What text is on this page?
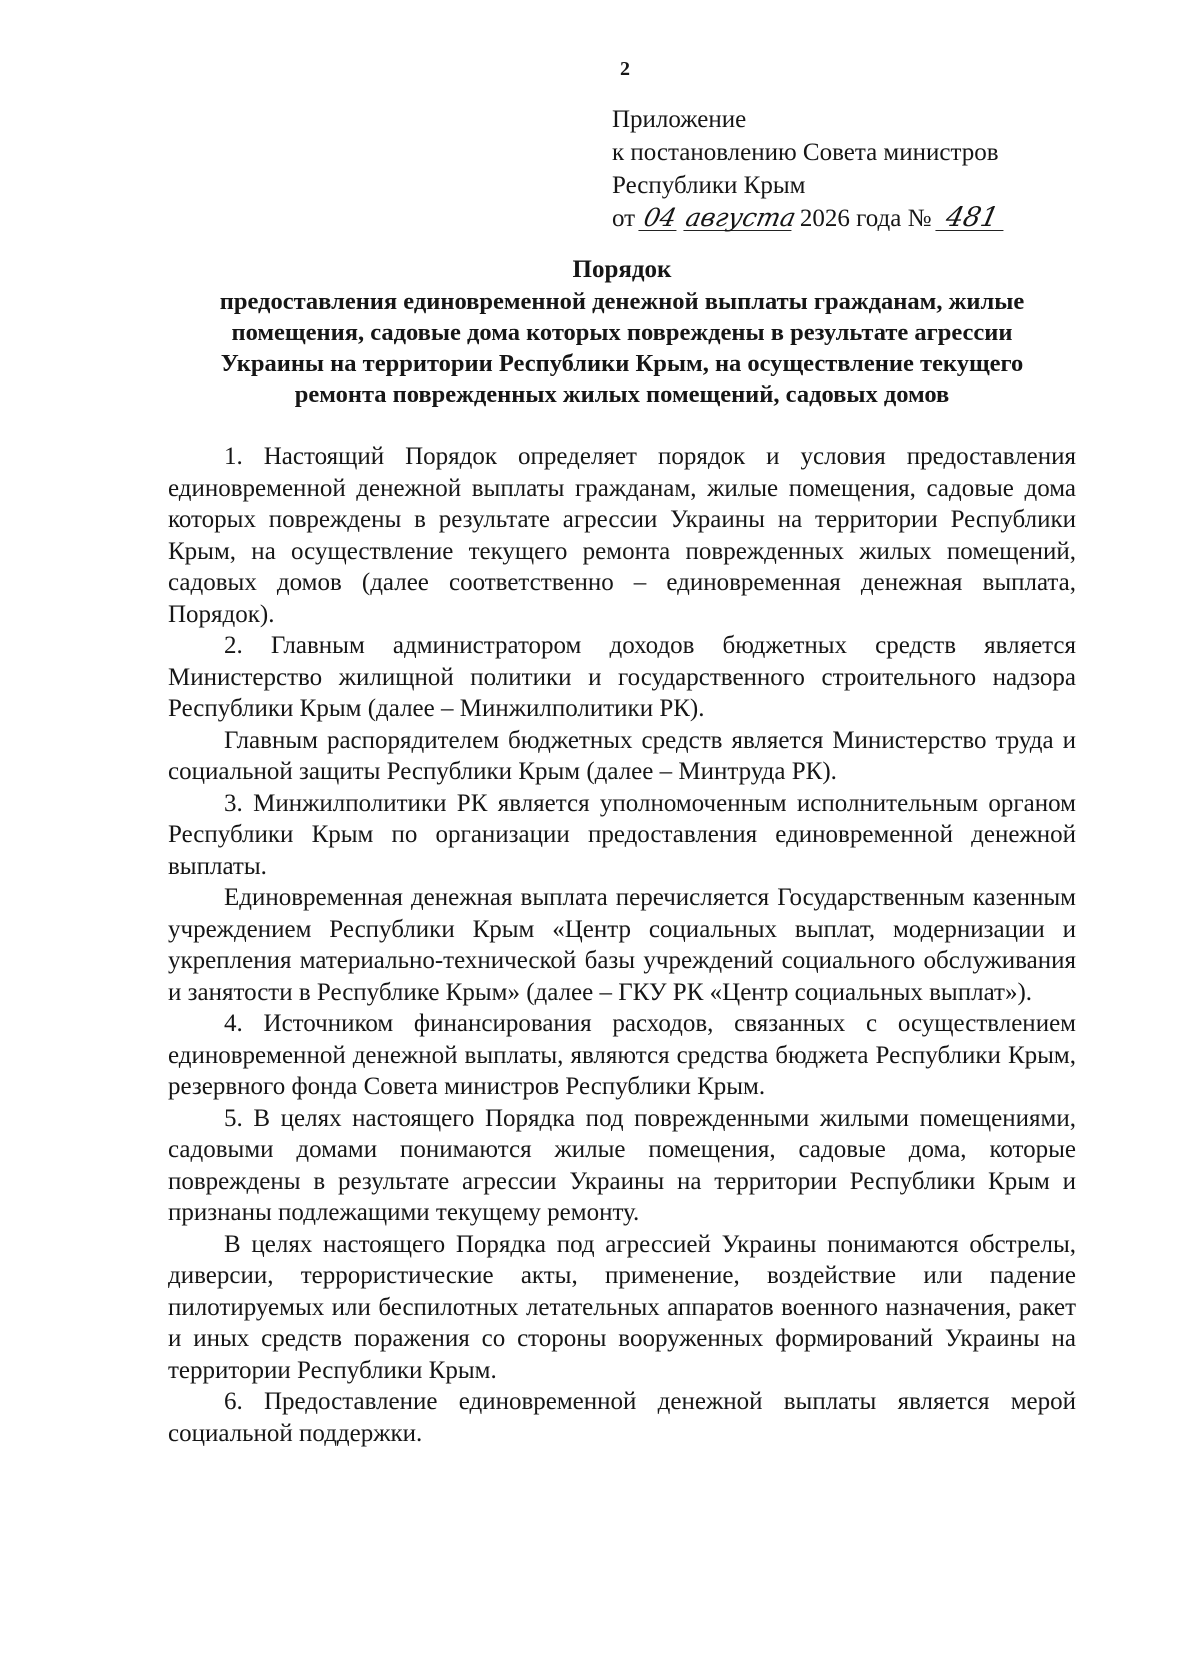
2
Приложение
к постановлению Совета министров
Республики Крым
от 04 августа 2026 года № 481
Порядок
предоставления единовременной денежной выплаты гражданам, жилые
помещения, садовые дома которых повреждены в результате агрессии
Украины на территории Республики Крым, на осуществление текущего
ремонта поврежденных жилых помещений, садовых домов

1. Настоящий Порядок определяет порядок и условия предоставления единовременной денежной выплаты гражданам, жилые помещения, садовые дома которых повреждены в результате агрессии Украины на территории Республики Крым, на осуществление текущего ремонта поврежденных жилых помещений, садовых домов (далее соответственно – единовременная денежная выплата, Порядок).

2. Главным администратором доходов бюджетных средств является Министерство жилищной политики и государственного строительного надзора Республики Крым (далее – Минжилполитики РК).

Главным распорядителем бюджетных средств является Министерство труда и социальной защиты Республики Крым (далее – Минтруда РК).

3. Минжилполитики РК является уполномоченным исполнительным органом Республики Крым по организации предоставления единовременной денежной выплаты.

Единовременная денежная выплата перечисляется Государственным казенным учреждением Республики Крым «Центр социальных выплат, модернизации и укрепления материально-технической базы учреждений социального обслуживания и занятости в Республике Крым» (далее – ГКУ РК «Центр социальных выплат»).

4. Источником финансирования расходов, связанных с осуществлением единовременной денежной выплаты, являются средства бюджета Республики Крым, резервного фонда Совета министров Республики Крым.

5. В целях настоящего Порядка под поврежденными жилыми помещениями, садовыми домами понимаются жилые помещения, садовые дома, которые повреждены в результате агрессии Украины на территории Республики Крым и признаны подлежащими текущему ремонту.

В целях настоящего Порядка под агрессией Украины понимаются обстрелы, диверсии, террористические акты, применение, воздействие или падение пилотируемых или беспилотных летательных аппаратов военного назначения, ракет и иных средств поражения со стороны вооруженных формирований Украины на территории Республики Крым.

6. Предоставление единовременной денежной выплаты является мерой социальной поддержки.
